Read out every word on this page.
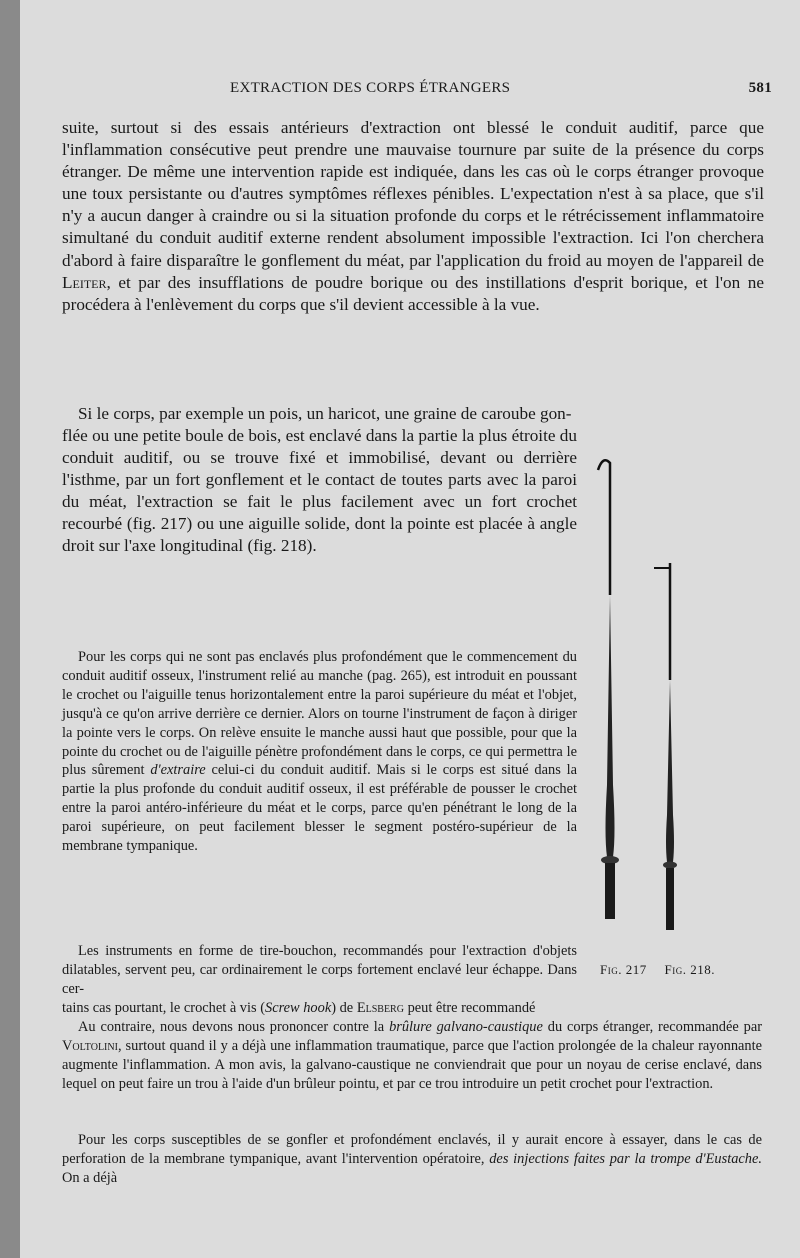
EXTRACTION DES CORPS ÉTRANGERS	581

suite, surtout si des essais antérieurs d'extraction ont blessé le conduit auditif, parce que l'inflammation consécutive peut prendre une mauvaise tournure par suite de la présence du corps étranger. De même une intervention rapide est indiquée, dans les cas où le corps étranger provoque une toux persistante ou d'autres symptômes réflexes pénibles. L'expectation n'est à sa place, que s'il n'y a aucun danger à craindre ou si la situation profonde du corps et le rétrécissement inflammatoire simultané du conduit auditif externe rendent absolument impossible l'extraction. Ici l'on cherchera d'abord à faire disparaître le gonflement du méat, par l'application du froid au moyen de l'appareil de Leiter, et par des insufflations de poudre borique ou des instillations d'esprit borique, et l'on ne procédera à l'enlèvement du corps que s'il devient accessible à la vue.

Si le corps, par exemple un pois, un haricot, une graine de caroube gon-

flée ou une petite boule de bois, est enclavé dans la partie la plus étroite du conduit auditif, ou se trouve fixé et immobilisé, devant ou derrière l'isthme, par un fort gonflement et le contact de toutes parts avec la paroi du méat, l'extraction se fait le plus facilement avec un fort crochet recourbé (fig. 217) ou une aiguille solide, dont la pointe est placée à angle droit sur l'axe longitudinal (fig. 218).

Pour les corps qui ne sont pas enclavés plus profondément que le commencement du conduit auditif osseux, l'instrument relié au manche (pag. 265), est introduit en poussant le crochet ou l'aiguille tenus horizontalement entre la paroi supérieure du méat et l'objet, jusqu'à ce qu'on arrive derrière ce dernier. Alors on tourne l'instrument de façon à diriger la pointe vers le corps. On relève ensuite le manche aussi haut que possible, pour que la pointe du crochet ou de l'aiguille pénètre profondément dans le corps, ce qui permettra le plus sûrement d'extraire celui-ci du conduit auditif. Mais si le corps est situé dans la partie la plus profonde du conduit auditif osseux, il est préférable de pousser le crochet entre la paroi antéro-inférieure du méat et le corps, parce qu'en pénétrant le long de la paroi supérieure, on peut facilement blesser le segment postéro-supérieur de la membrane tympanique.

Les instruments en forme de tire-bouchon, recommandés pour l'extraction d'objets dilatables, servent peu, car ordinairement le corps fortement enclavé leur échappe. Dans cer-

tains cas pourtant, le crochet à vis (Screw hook) de Elsberg peut être recommandé

Au contraire, nous devons nous prononcer contre la brûlure galvano-caustique du corps étranger, recommandée par Voltolini, surtout quand il y a déjà une inflammation traumatique, parce que l'action prolongée de la chaleur rayonnante augmente l'inflammation. A mon avis, la galvano-caustique ne conviendrait que pour un noyau de cerise enclavé, dans lequel on peut faire un trou à l'aide d'un brûleur pointu, et par ce trou introduire un petit crochet pour l'extraction.

Pour les corps susceptibles de se gonfler et profondément enclavés, il y aurait encore à essayer, dans le cas de perforation de la membrane tympanique, avant l'intervention opératoire, des injections faites par la trompe d'Eustache. On a déjà

Fig. 217 Fig. 218.
